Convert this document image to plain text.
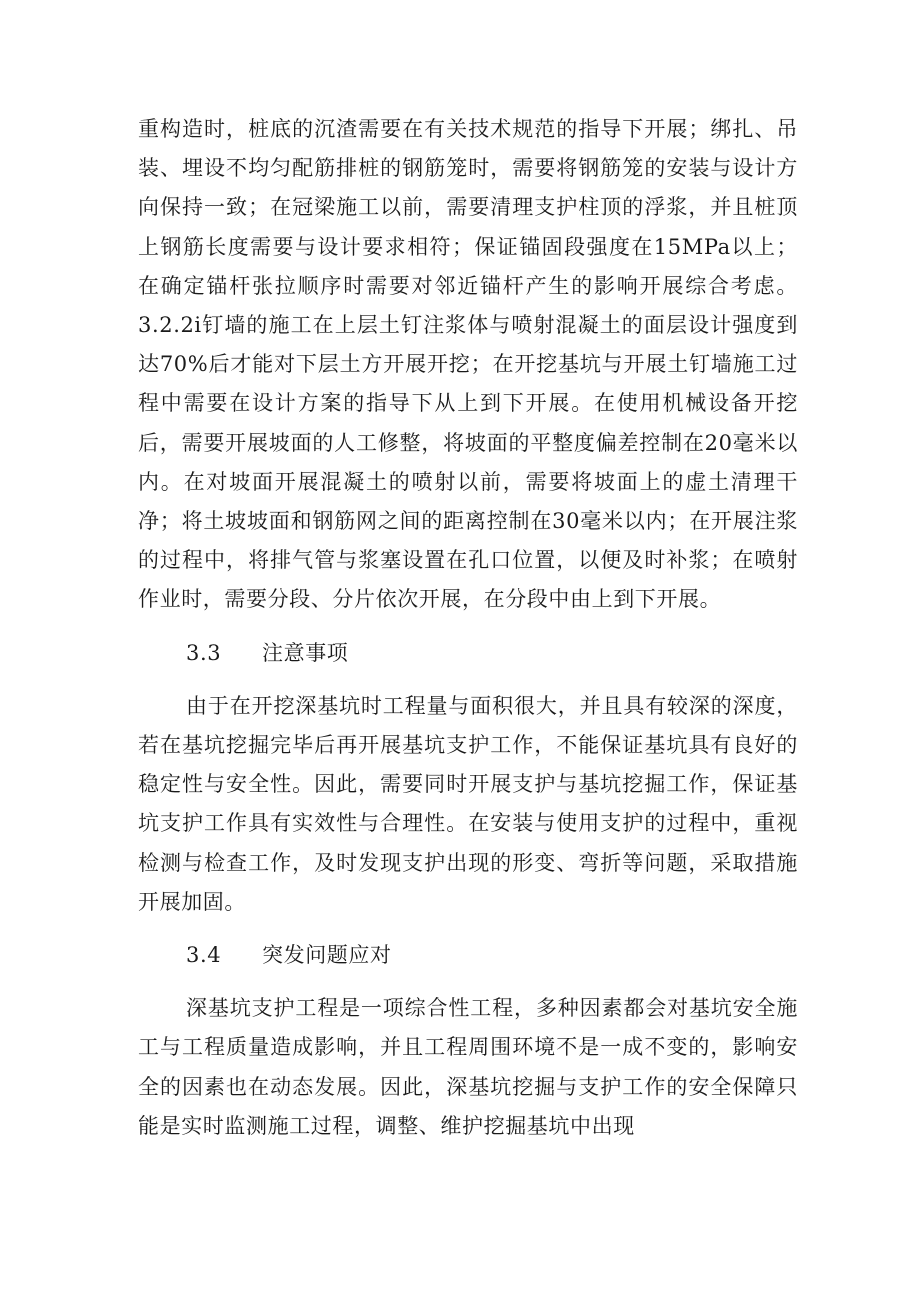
重构造时，桩底的沉渣需要在有关技术规范的指导下开展；绑扎、吊装、埋设不均匀配筋排桩的钢筋笼时，需要将钢筋笼的安装与设计方向保持一致；在冠梁施工以前，需要清理支护柱顶的浮浆，并且桩顶上钢筋长度需要与设计要求相符；保证锚固段强度在15MPa以上；在确定锚杆张拉顺序时需要对邻近锚杆产生的影响开展综合考虑。3.2.2i钉墙的施工在上层土钉注浆体与喷射混凝土的面层设计强度到达70%后才能对下层土方开展开挖；在开挖基坑与开展土钉墙施工过程中需要在设计方案的指导下从上到下开展。在使用机械设备开挖后，需要开展坡面的人工修整，将坡面的平整度偏差控制在20毫米以内。在对坡面开展混凝土的喷射以前，需要将坡面上的虚土清理干净；将土坡坡面和钢筋网之间的距离控制在30毫米以内；在开展注浆的过程中，将排气管与浆塞设置在孔口位置，以便及时补浆；在喷射作业时，需要分段、分片依次开展，在分段中由上到下开展。

3.3 注意事项

由于在开挖深基坑时工程量与面积很大，并且具有较深的深度，若在基坑挖掘完毕后再开展基坑支护工作，不能保证基坑具有良好的稳定性与安全性。因此，需要同时开展支护与基坑挖掘工作，保证基坑支护工作具有实效性与合理性。在安装与使用支护的过程中，重视检测与检查工作，及时发现支护出现的形变、弯折等问题，采取措施开展加固。

3.4 突发问题应对

深基坑支护工程是一项综合性工程，多种因素都会对基坑安全施工与工程质量造成影响，并且工程周围环境不是一成不变的，影响安全的因素也在动态发展。因此，深基坑挖掘与支护工作的安全保障只能是实时监测施工过程，调整、维护挖掘基坑中出现
